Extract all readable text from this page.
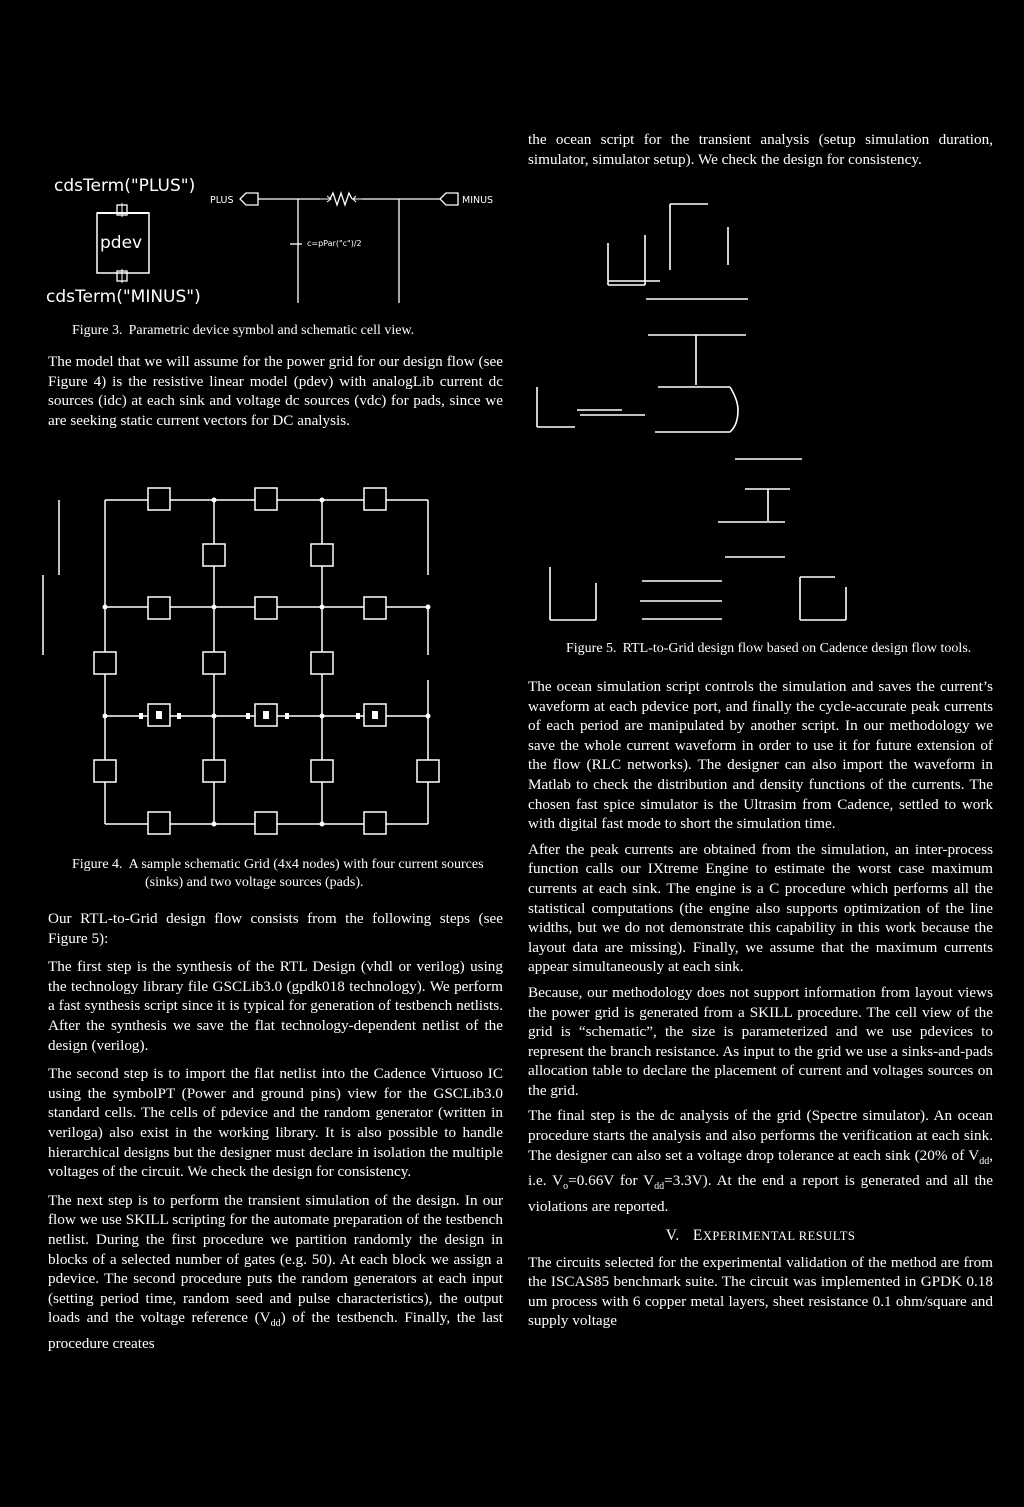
cdsTerm("PLUS")
pdev
cdsTerm("MINUS")
PLUS	MINUS
c=pPar("c")/2

Figure 3. Parametric device symbol and schematic cell view.

The model that we will assume for the power grid for our design flow (see Figure 4) is the resistive linear model (pdev) with analogLib current dc sources (idc) at each sink and voltage dc sources (vdc) for pads, since we are seeking static current vectors for DC analysis.

Figure 4. A sample schematic Grid (4x4 nodes) with four current sources

(sinks) and two voltage sources (pads).

Our RTL-to-Grid design flow consists from the following steps (see Figure 5):

The first step is the synthesis of the RTL Design (vhdl or verilog) using the technology library file GSCLib3.0 (gpdk018 technology). We perform a fast synthesis script since it is typical for generation of testbench netlists. After the synthesis we save the flat technology-dependent netlist of the design (verilog).

The second step is to import the flat netlist into the Cadence Virtuoso IC using the symbolPT (Power and ground pins) view for the GSCLib3.0 standard cells. The cells of pdevice and the random generator (written in veriloga) also exist in the working library. It is also possible to handle hierarchical designs but the designer must declare in isolation the multiple voltages of the circuit. We check the design for consistency.

The next step is to perform the transient simulation of the design. In our flow we use SKILL scripting for the automate preparation of the testbench netlist. During the first procedure we partition randomly the design in blocks of a selected number of gates (e.g. 50). At each block we assign a pdevice. The second procedure puts the random generators at each input (setting period time, random seed and pulse characteristics), the output loads and the voltage reference $(V_{dd})$ of the testbench. Finally, the last procedure creates

the ocean script for the transient analysis (setup simulation duration, simulator, simulator setup). We check the design for consistency.

Figure 5. RTL-to-Grid design flow based on Cadence design flow tools.

The ocean simulation script controls the simulation and saves the current’s waveform at each pdevice port, and finally the cycle-accurate peak currents of each period are manipulated by another script. In our methodology we save the whole current waveform in order to use it for future extension of the flow (RLC networks). The designer can also import the waveform in Matlab to check the distribution and density functions of the currents. The chosen fast spice simulator is the Ultrasim from Cadence, settled to work with digital fast mode to short the simulation time.

After the peak currents are obtained from the simulation, an inter-process function calls our IXtreme Engine to estimate the worst case maximum currents at each sink. The engine is a C procedure which performs all the statistical computations (the engine also supports optimization of the line widths, but we do not demonstrate this capability in this work because the layout data are missing). Finally, we assume that the maximum currents appear simultaneously at each sink.

Because, our methodology does not support information from layout views the power grid is generated from a SKILL procedure. The cell view of the grid is “schematic”, the size is parameterized and we use pdevices to represent the branch resistance. As input to the grid we use a sinks-and-pads allocation table to declare the placement of current and voltages sources on the grid.

The final step is the dc analysis of the grid (Spectre simulator). An ocean procedure starts the analysis and also performs the verification at each sink. The designer can also set a voltage drop tolerance at each sink (20% of $V_{dd}$, i.e. $V_o=0.66V$ for $V_{dd}=3.3V$). At the end a report is generated and all the violations are reported.

V. EXPERIMENTAL RESULTS

The circuits selected for the experimental validation of the method are from the ISCAS85 benchmark suite. The circuit was implemented in GPDK 0.18 um process with 6 copper metal layers, sheet resistance 0.1 ohm/square and supply voltage
